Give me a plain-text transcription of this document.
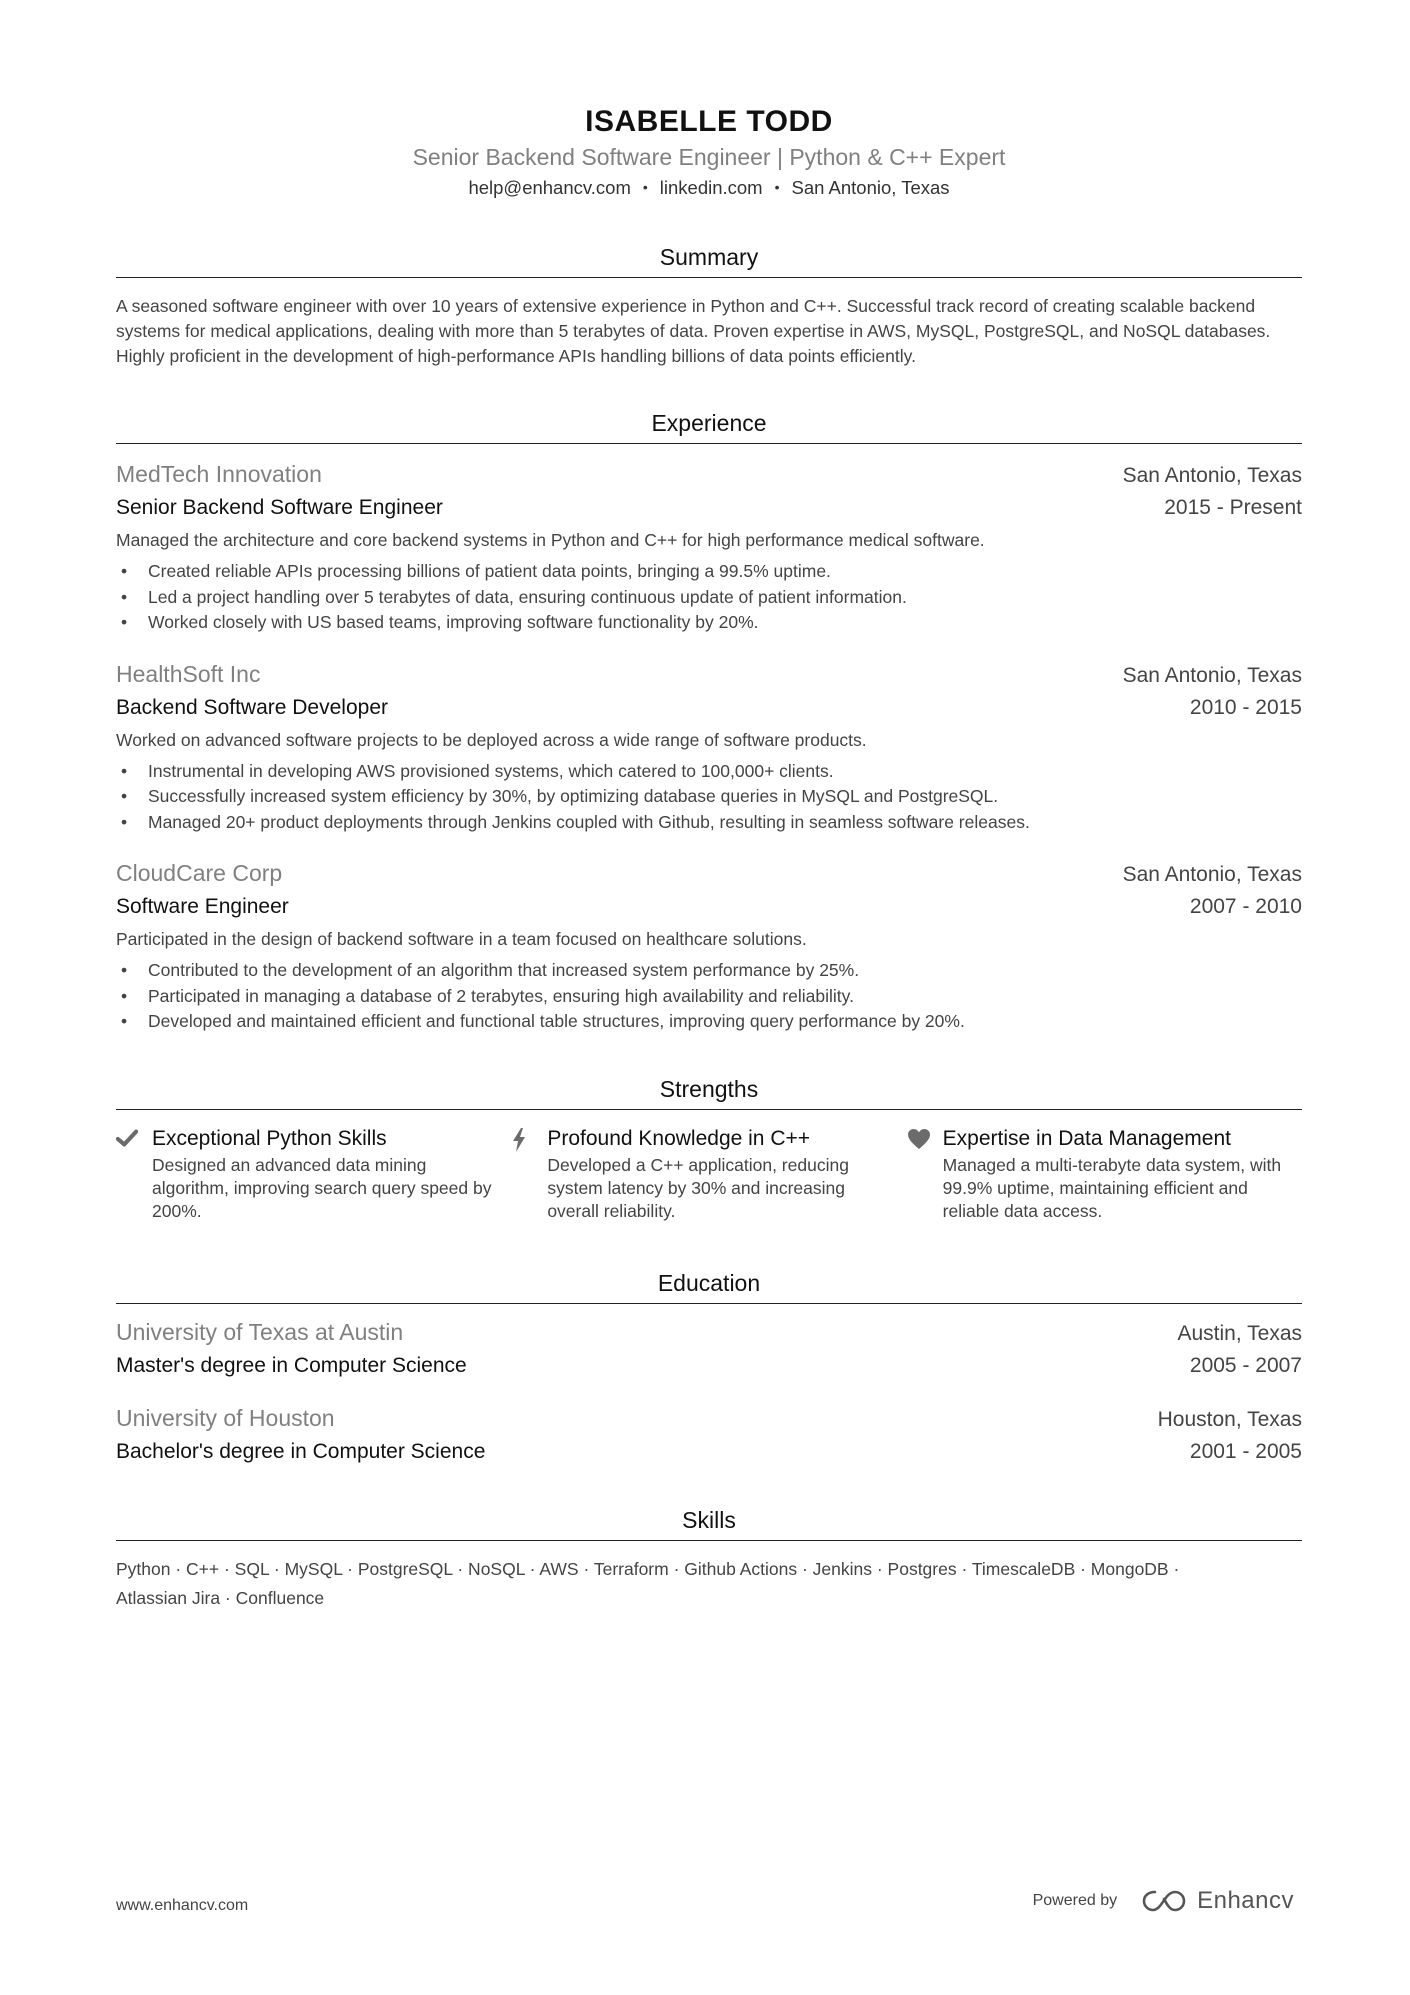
ISABELLE TODD
Senior Backend Software Engineer | Python & C++ Expert
help@enhancv.com • linkedin.com • San Antonio, Texas
Summary
A seasoned software engineer with over 10 years of extensive experience in Python and C++. Successful track record of creating scalable backend systems for medical applications, dealing with more than 5 terabytes of data. Proven expertise in AWS, MySQL, PostgreSQL, and NoSQL databases. Highly proficient in the development of high-performance APIs handling billions of data points efficiently.
Experience
MedTech Innovation	San Antonio, Texas
Senior Backend Software Engineer	2015 - Present
Managed the architecture and core backend systems in Python and C++ for high performance medical software.
• Created reliable APIs processing billions of patient data points, bringing a 99.5% uptime.
• Led a project handling over 5 terabytes of data, ensuring continuous update of patient information.
• Worked closely with US based teams, improving software functionality by 20%.
HealthSoft Inc	San Antonio, Texas
Backend Software Developer	2010 - 2015
Worked on advanced software projects to be deployed across a wide range of software products.
• Instrumental in developing AWS provisioned systems, which catered to 100,000+ clients.
• Successfully increased system efficiency by 30%, by optimizing database queries in MySQL and PostgreSQL.
• Managed 20+ product deployments through Jenkins coupled with Github, resulting in seamless software releases.
CloudCare Corp	San Antonio, Texas
Software Engineer	2007 - 2010
Participated in the design of backend software in a team focused on healthcare solutions.
• Contributed to the development of an algorithm that increased system performance by 25%.
• Participated in managing a database of 2 terabytes, ensuring high availability and reliability.
• Developed and maintained efficient and functional table structures, improving query performance by 20%.
Strengths
Exceptional Python Skills
Designed an advanced data mining algorithm, improving search query speed by 200%.
Profound Knowledge in C++
Developed a C++ application, reducing system latency by 30% and increasing overall reliability.
Expertise in Data Management
Managed a multi-terabyte data system, with 99.9% uptime, maintaining efficient and reliable data access.
Education
University of Texas at Austin	Austin, Texas
Master's degree in Computer Science	2005 - 2007
University of Houston	Houston, Texas
Bachelor's degree in Computer Science	2001 - 2005
Skills
Python · C++ · SQL · MySQL · PostgreSQL · NoSQL · AWS · Terraform · Github Actions · Jenkins · Postgres · TimescaleDB · MongoDB ·
Atlassian Jira · Confluence
www.enhancv.com	Powered by	Enhancv
